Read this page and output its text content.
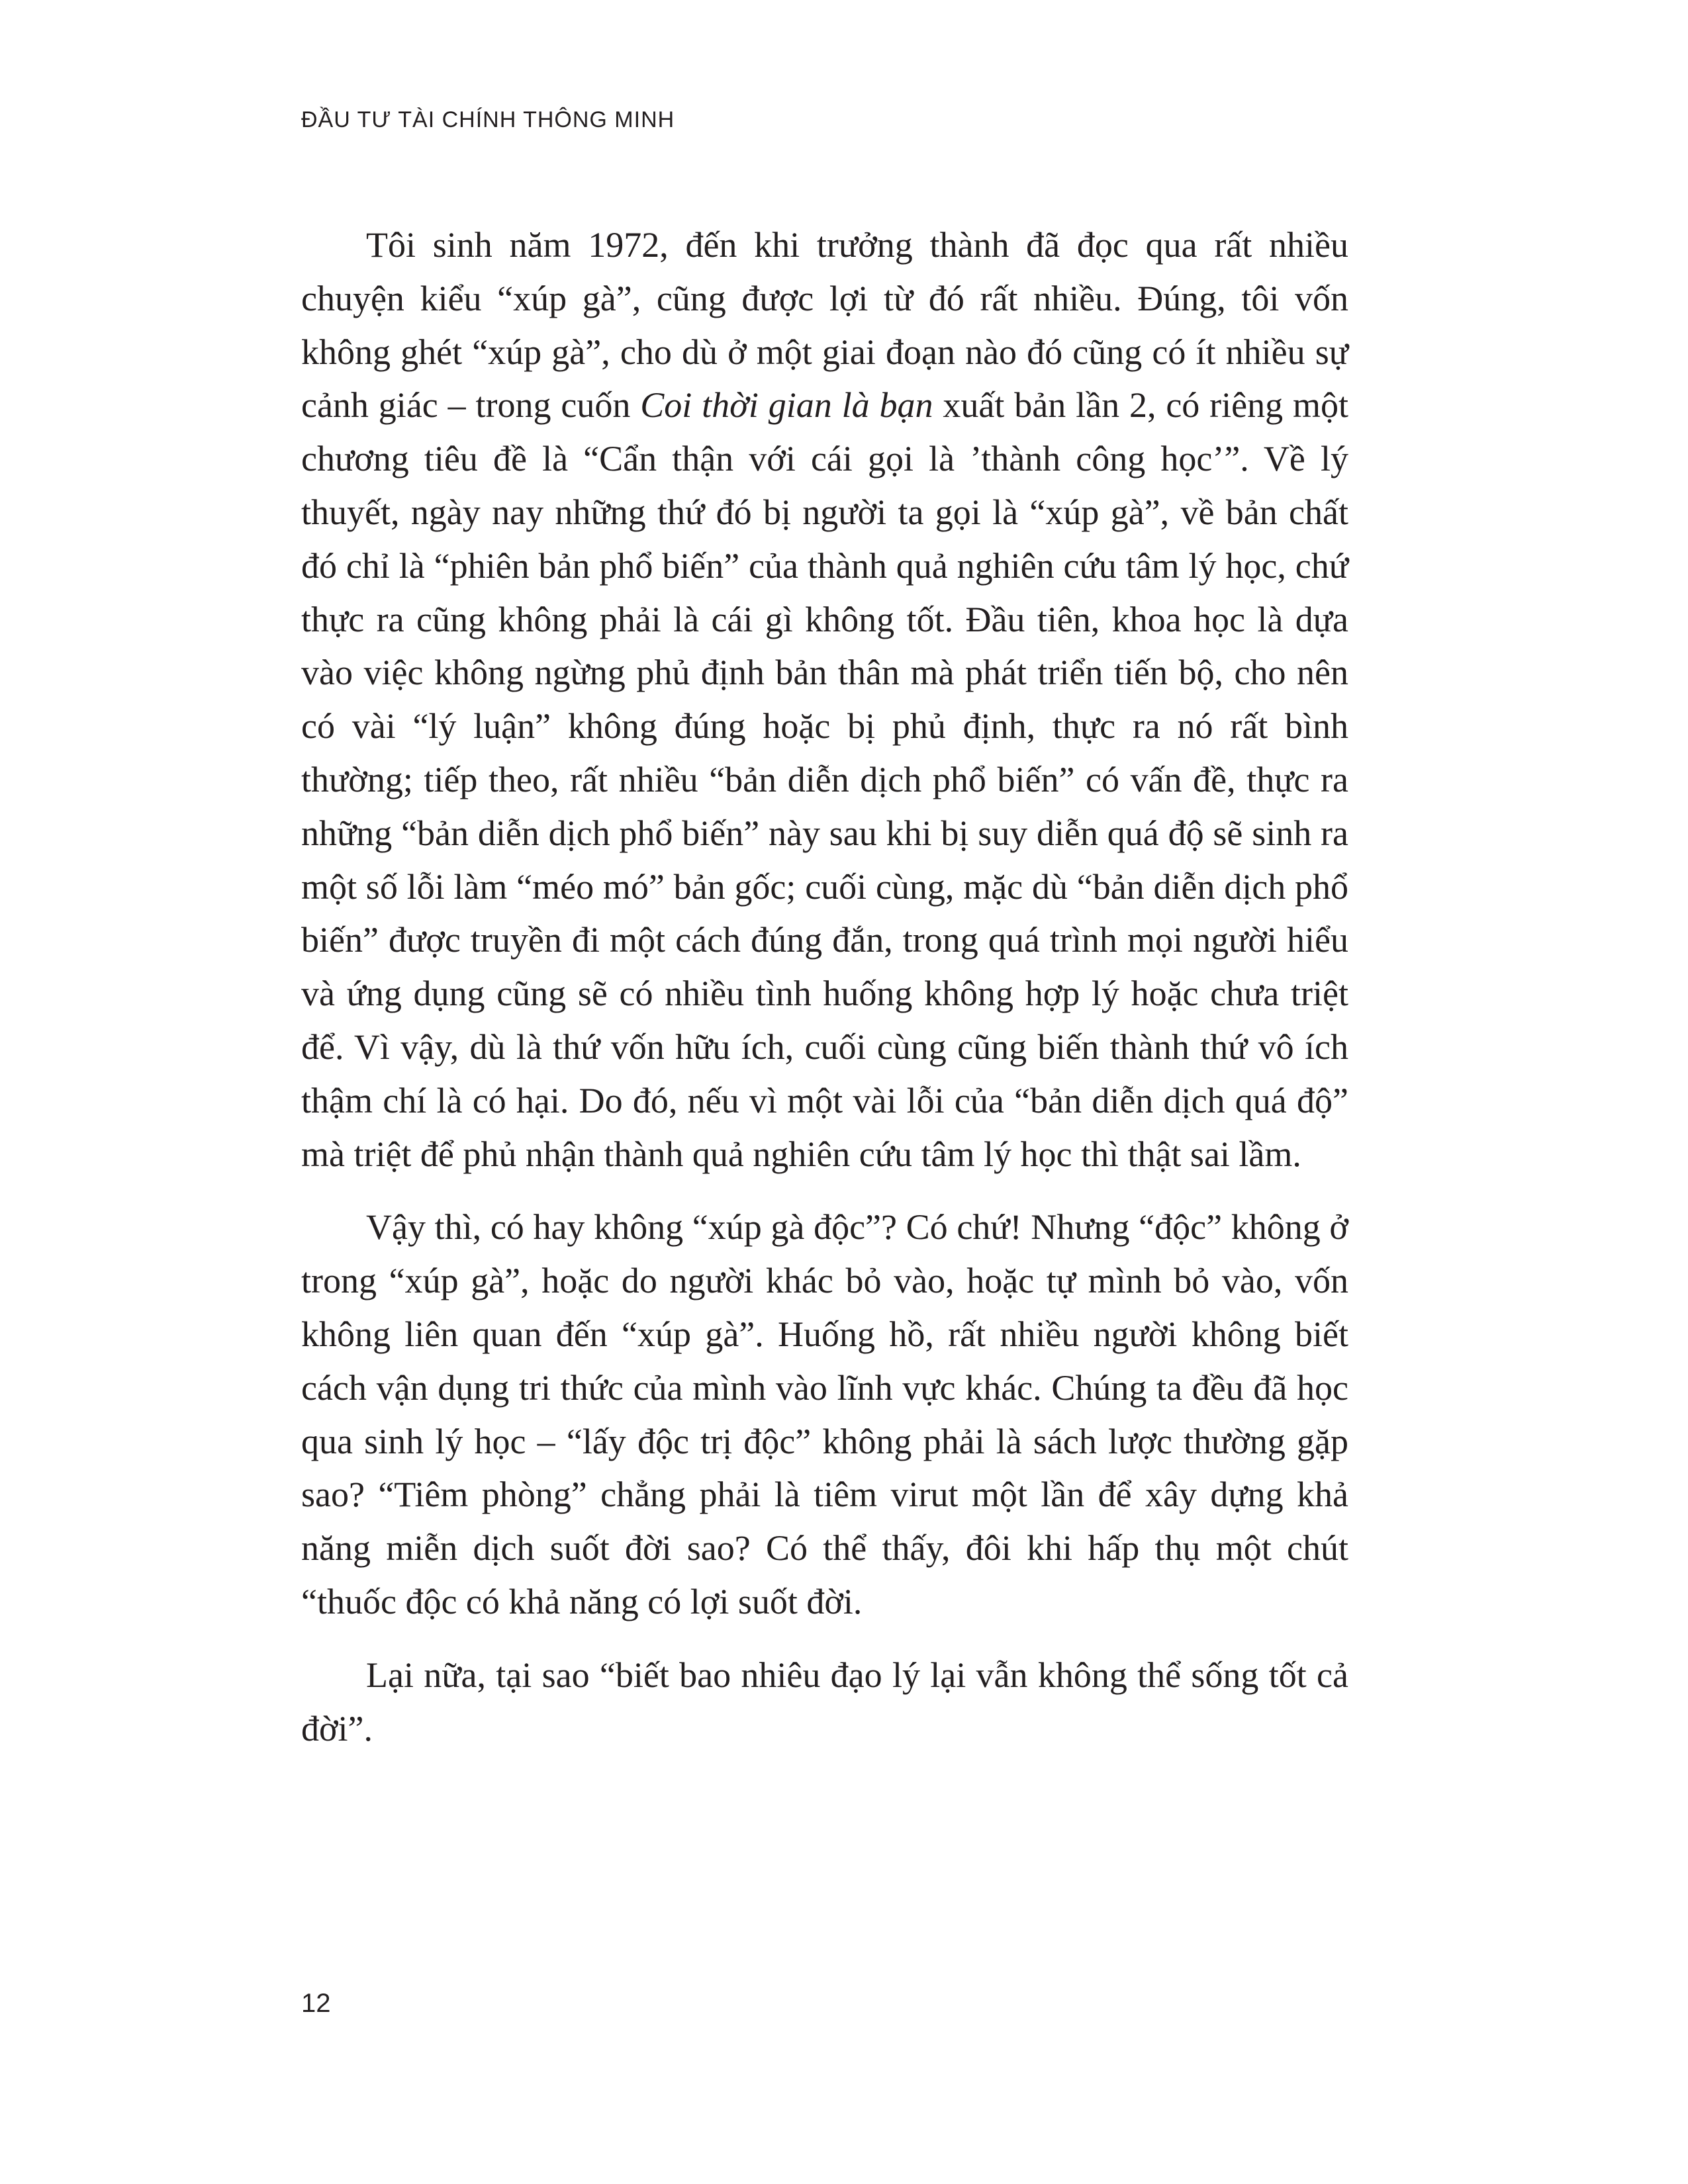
ĐẦU TƯ TÀI CHÍNH THÔNG MINH

Tôi sinh năm 1972, đến khi trưởng thành đã đọc qua rất nhiều chuyện kiểu “xúp gà”, cũng được lợi từ đó rất nhiều. Đúng, tôi vốn không ghét “xúp gà”, cho dù ở một giai đoạn nào đó cũng có ít nhiều sự cảnh giác – trong cuốn Coi thời gian là bạn xuất bản lần 2, có riêng một chương tiêu đề là “Cẩn thận với cái gọi là ’thành công học’”. Về lý thuyết, ngày nay những thứ đó bị người ta gọi là “xúp gà”, về bản chất đó chỉ là “phiên bản phổ biến” của thành quả nghiên cứu tâm lý học, chứ thực ra cũng không phải là cái gì không tốt. Đầu tiên, khoa học là dựa vào việc không ngừng phủ định bản thân mà phát triển tiến bộ, cho nên có vài “lý luận” không đúng hoặc bị phủ định, thực ra nó rất bình thường; tiếp theo, rất nhiều “bản diễn dịch phổ biến” có vấn đề, thực ra những “bản diễn dịch phổ biến” này sau khi bị suy diễn quá độ sẽ sinh ra một số lỗi làm “méo mó” bản gốc; cuối cùng, mặc dù “bản diễn dịch phổ biến” được truyền đi một cách đúng đắn, trong quá trình mọi người hiểu và ứng dụng cũng sẽ có nhiều tình huống không hợp lý hoặc chưa triệt để. Vì vậy, dù là thứ vốn hữu ích, cuối cùng cũng biến thành thứ vô ích thậm chí là có hại. Do đó, nếu vì một vài lỗi của “bản diễn dịch quá độ” mà triệt để phủ nhận thành quả nghiên cứu tâm lý học thì thật sai lầm.

Vậy thì, có hay không “xúp gà độc”? Có chứ! Nhưng “độc” không ở trong “xúp gà”, hoặc do người khác bỏ vào, hoặc tự mình bỏ vào, vốn không liên quan đến “xúp gà”. Huống hồ, rất nhiều người không biết cách vận dụng tri thức của mình vào lĩnh vực khác. Chúng ta đều đã học qua sinh lý học – “lấy độc trị độc” không phải là sách lược thường gặp sao? “Tiêm phòng” chẳng phải là tiêm virut một lần để xây dựng khả năng miễn dịch suốt đời sao? Có thể thấy, đôi khi hấp thụ một chút “thuốc độc có khả năng có lợi suốt đời.

Lại nữa, tại sao “biết bao nhiêu đạo lý lại vẫn không thể sống tốt cả đời”.

12
